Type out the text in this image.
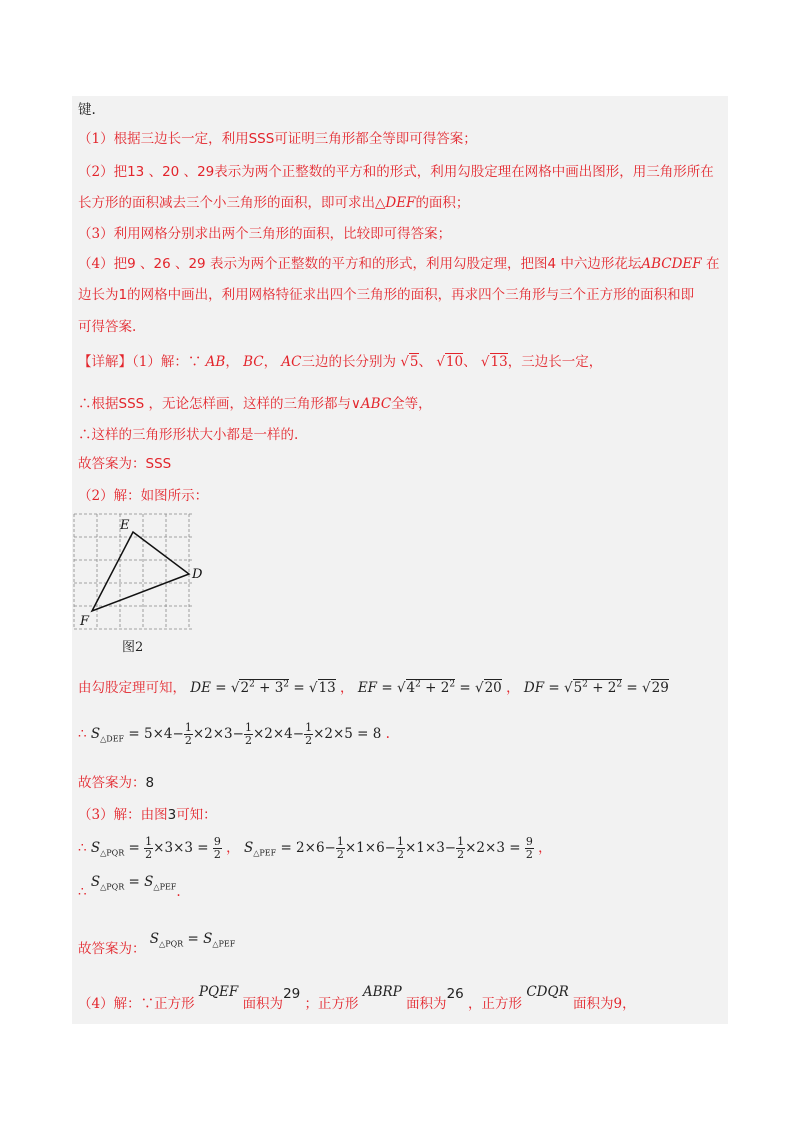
键.
（1）根据三边长一定，利用SSS可证明三角形都全等即可得答案；
（2）把13 、20 、29表示为两个正整数的平方和的形式，利用勾股定理在网格中画出图形，用三角形所在
长方形的面积减去三个小三角形的面积，即可求出△DEF的面积；
（3）利用网格分别求出两个三角形的面积，比较即可得答案；
（4）把9 、26 、29 表示为两个正整数的平方和的形式，利用勾股定理，把图4 中六边形花坛ABCDEF 在
边长为1的网格中画出，利用网格特征求出四个三角形的面积，再求四个三角形与三个正方形的面积和即
可得答案.
【详解】（1）解：∵ AB， BC， AC三边的长分别为 √5、 √10、 √13，三边长一定，
∴根据SSS ，无论怎样画，这样的三角形都与∨ABC全等，
∴这样的三角形形状大小都是一样的.
故答案为：SSS
（2）解：如图所示：
E
D
F
图2
由勾股定理可知， DE = $√2^2 + 3^2 = √13$ ， EF = $√4^2 + 2^2 = √20$ ， DF = $√5^2 + 2^2 = √29$
∴ $S_{\triangle DEF} = 5\times 4- \frac{1}{2} \times 2\times 3- \frac{1}{2} \times 2\times 4- \frac{1}{2} \times 2\times 5 = 8$ .
故答案为：8
（3）解：由图3可知：
∴ $S_{\triangle PQR} = \frac{1}{2} \times 3\times 3 = \frac{9}{2}$ ， $S_{\triangle PEF} = 2\times 6- \frac{1}{2} \times 1\times 6- \frac{1}{2} \times 1\times 3- \frac{1}{2} \times 2\times 3 = \frac{9}{2}$ ，
∴ $S_{\triangle PQR} = S_{\triangle PEF}$.
故答案为： $S_{\triangle PQR} = S_{\triangle PEF}$
（4）解：∵正方形 PQEF 面积为29 ；正方形 ABRP 面积为26 ，正方形 CDQR 面积为9，
